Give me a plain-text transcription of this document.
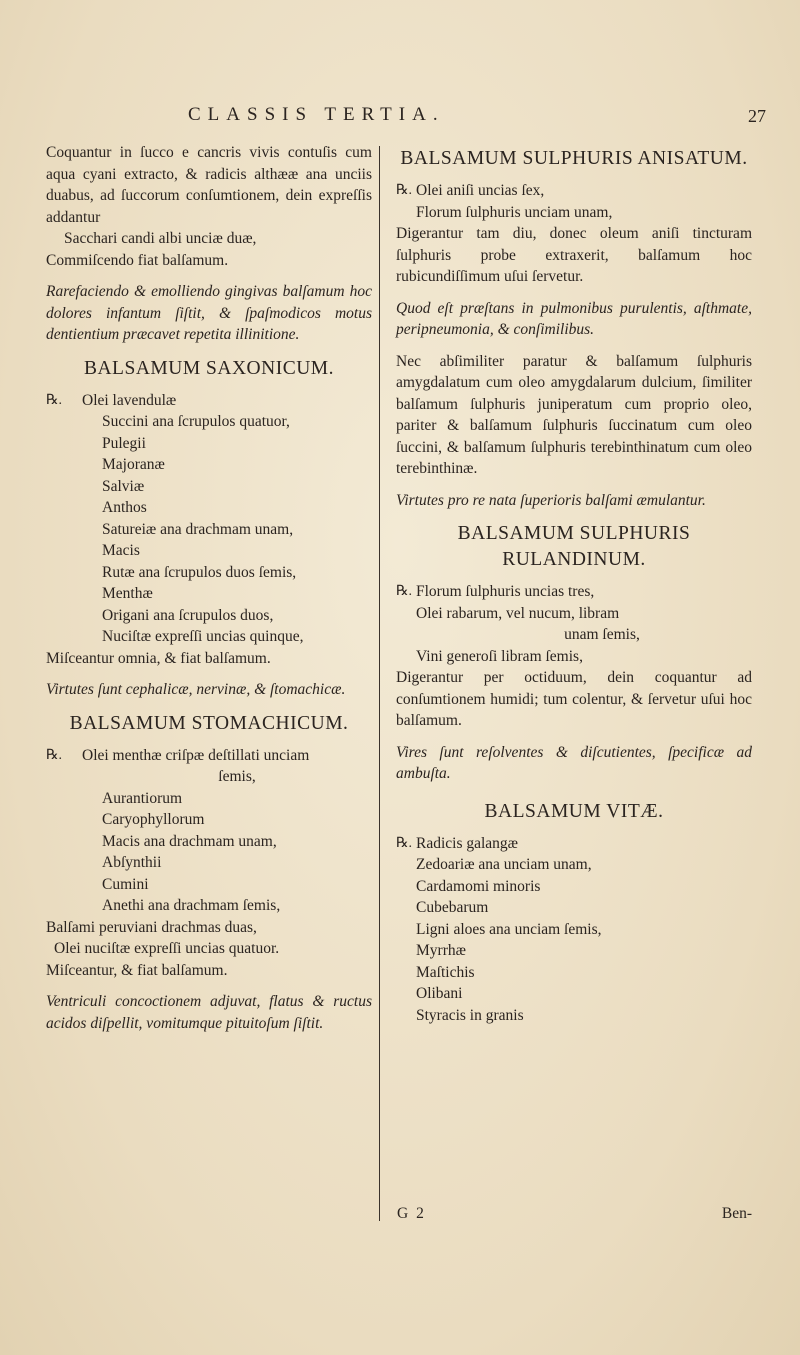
CLASSIS TERTIA.	27

Coquantur in ſucco e cancris vivis contuſis cum aqua cyani extracto, & radicis althææ ana unciis duabus, ad ſuccorum conſumtionem, dein expreſſis addantur

Sacchari candi albi unciæ duæ,
Commiſcendo fiat balſamum.

Rarefaciendo & emolliendo gingivas balſamum hoc dolores infantum ſiſtit, & ſpaſmodicos motus dentientium præcavet repetita illinitione.

BALSAMUM SAXONICUM.
℞. Olei lavendulæ
Succini ana ſcrupulos quatuor,
Pulegii
Majoranæ
Salviæ
Anthos
Satureiæ ana drachmam unam,
Macis
Rutæ ana ſcrupulos duos ſemis,
Menthæ
Origani ana ſcrupulos duos,
Nuciſtæ expreſſi uncias quinque,
Miſceantur omnia, & fiat balſamum.

Virtutes ſunt cephalicæ, nervinæ, & ſtomachicæ.

BALSAMUM STOMACHICUM.
℞. Olei menthæ criſpæ deſtillati unciam
ſemis,
Aurantiorum
Caryophyllorum
Macis ana drachmam unam,
Abſynthii
Cumini
Anethi ana drachmam ſemis,
Balſami peruviani drachmas duas,
Olei nuciſtæ expreſſi uncias quatuor.
Miſceantur, & fiat balſamum.

Ventriculi concoctionem adjuvat, flatus & ructus acidos diſpellit, vomitumque pituitoſum ſiſtit.

BALSAMUM SULPHURIS ANISATUM.
℞. Olei aniſi uncias ſex,
Florum ſulphuris unciam unam,

Digerantur tam diu, donec oleum aniſi tincturam ſulphuris probe extraxerit, balſamum hoc rubicundiſſimum uſui ſervetur.

Quod eſt præſtans in pulmonibus purulentis, aſthmate, peripneumonia, & conſimilibus.

Nec abſimiliter paratur & balſamum ſulphuris amygdalatum cum oleo amygdalarum dulcium, ſimiliter balſamum ſulphuris juniperatum cum proprio oleo, pariter & balſamum ſulphuris ſuccinatum cum oleo ſuccini, & balſamum ſulphuris terebinthinatum cum oleo terebinthinæ.

Virtutes pro re nata ſuperioris balſami æmulantur.

BALSAMUM SULPHURIS RULANDINUM.
℞. Florum ſulphuris uncias tres,
Olei rabarum, vel nucum, libram
unam ſemis,
Vini generoſi libram ſemis,

Digerantur per octiduum, dein coquantur ad conſumtionem humidi; tum colentur, & ſervetur uſui hoc balſamum.

Vires ſunt reſolventes & diſcutientes, ſpecificæ ad ambuſta.

BALSAMUM VITÆ.
℞. Radicis galangæ
Zedoariæ ana unciam unam,
Cardamomi minoris
Cubebarum
Ligni aloes ana unciam ſemis,
Myrrhæ
Maſtichis
Olibani
Styracis in granis
G 2	Ben-
